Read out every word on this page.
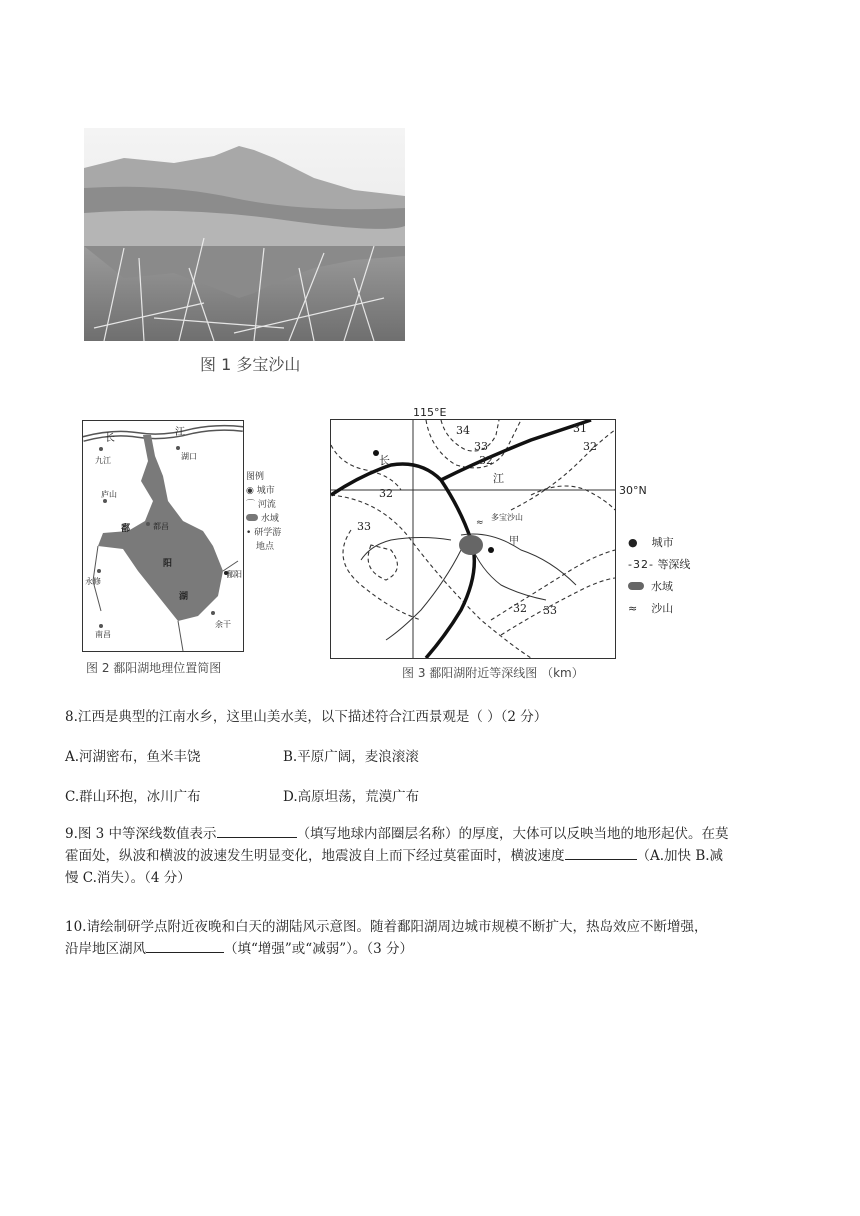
图 1 多宝沙山
长
江
九江	湖口
庐山
鄱	都昌
阳
湖
永修
鄱阳
南昌
余干
图例
◉ 城市
⌒ 河流
水域
• 研学游
地点
图 2 鄱阳湖地理位置简图
≈
115°E
30°N
34
33
32
31
32
32
33
32 33
长
江
多宝沙山
甲	● 城市
-32- 等深线
水域
≈ 沙山
图 3 鄱阳湖附近等深线图 （km）
8.江西是典型的江南水乡，这里山美水美，以下描述符合江西景观是（ ）（2 分）
A.河湖密布，鱼米丰饶	B.平原广阔，麦浪滚滚
C.群山环抱，冰川广布	D.高原坦荡，荒漠广布
9.图 3 中等深线数值表示	（填写地球内部圈层名称）的厚度，大体可以反映当地的地形起伏。在莫
霍面处，纵波和横波的波速发生明显变化，地震波自上而下经过莫霍面时，横波速度	（A.加快 B.减
慢 C.消失）。（4 分）
10.请绘制研学点附近夜晚和白天的湖陆风示意图。随着鄱阳湖周边城市规模不断扩大，热岛效应不断增强，
沿岸地区湖风	（填“增强”或“减弱”）。（3 分）
